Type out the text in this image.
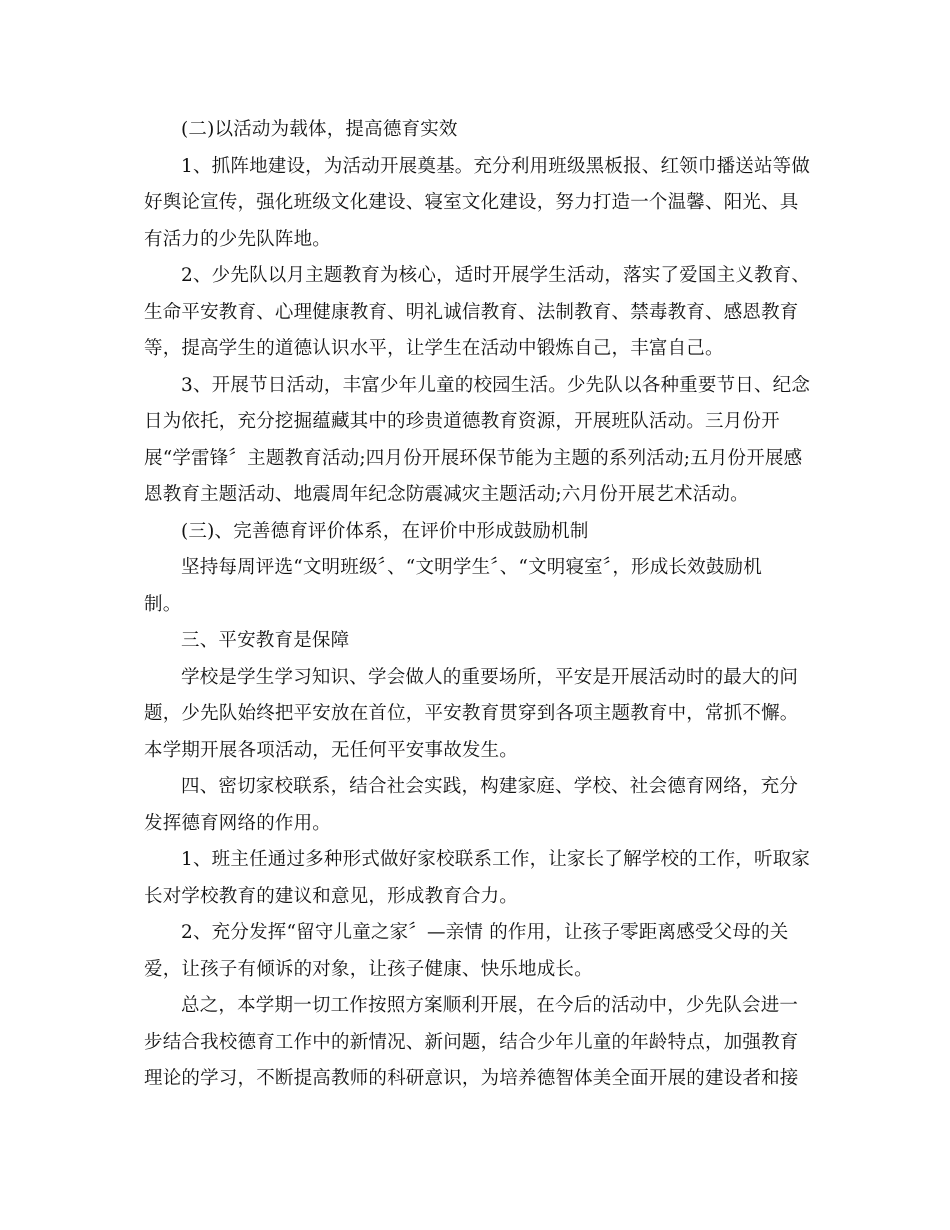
(二)以活动为载体，提高德育实效

1、抓阵地建设，为活动开展奠基。充分利用班级黑板报、红领巾播送站等做

好舆论宣传，强化班级文化建设、寝室文化建设，努力打造一个温馨、阳光、具

有活力的少先队阵地。

2、少先队以月主题教育为核心，适时开展学生活动，落实了爱国主义教育、

生命平安教育、心理健康教育、明礼诚信教育、法制教育、禁毒教育、感恩教育

等，提高学生的道德认识水平，让学生在活动中锻炼自己，丰富自己。

3、开展节日活动，丰富少年儿童的校园生活。少先队以各种重要节日、纪念

日为依托，充分挖掘蕴藏其中的珍贵道德教育资源，开展班队活动。三月份开

展“学雷锋〞主题教育活动;四月份开展环保节能为主题的系列活动;五月份开展感

恩教育主题活动、地震周年纪念防震减灾主题活动;六月份开展艺术活动。

(三)、完善德育评价体系，在评价中形成鼓励机制

坚持每周评选“文明班级〞、“文明学生〞、“文明寝室〞，形成长效鼓励机

制。

三、平安教育是保障

学校是学生学习知识、学会做人的重要场所，平安是开展活动时的最大的问

题，少先队始终把平安放在首位，平安教育贯穿到各项主题教育中，常抓不懈。

本学期开展各项活动，无任何平安事故发生。

四、密切家校联系，结合社会实践，构建家庭、学校、社会德育网络，充分

发挥德育网络的作用。

1、班主任通过多种形式做好家校联系工作，让家长了解学校的工作，听取家

长对学校教育的建议和意见，形成教育合力。

2、充分发挥“留守儿童之家〞—亲情 的作用，让孩子零距离感受父母的关

爱，让孩子有倾诉的对象，让孩子健康、快乐地成长。

总之，本学期一切工作按照方案顺利开展，在今后的活动中，少先队会进一

步结合我校德育工作中的新情况、新问题，结合少年儿童的年龄特点，加强教育

理论的学习，不断提高教师的科研意识，为培养德智体美全面开展的建设者和接
